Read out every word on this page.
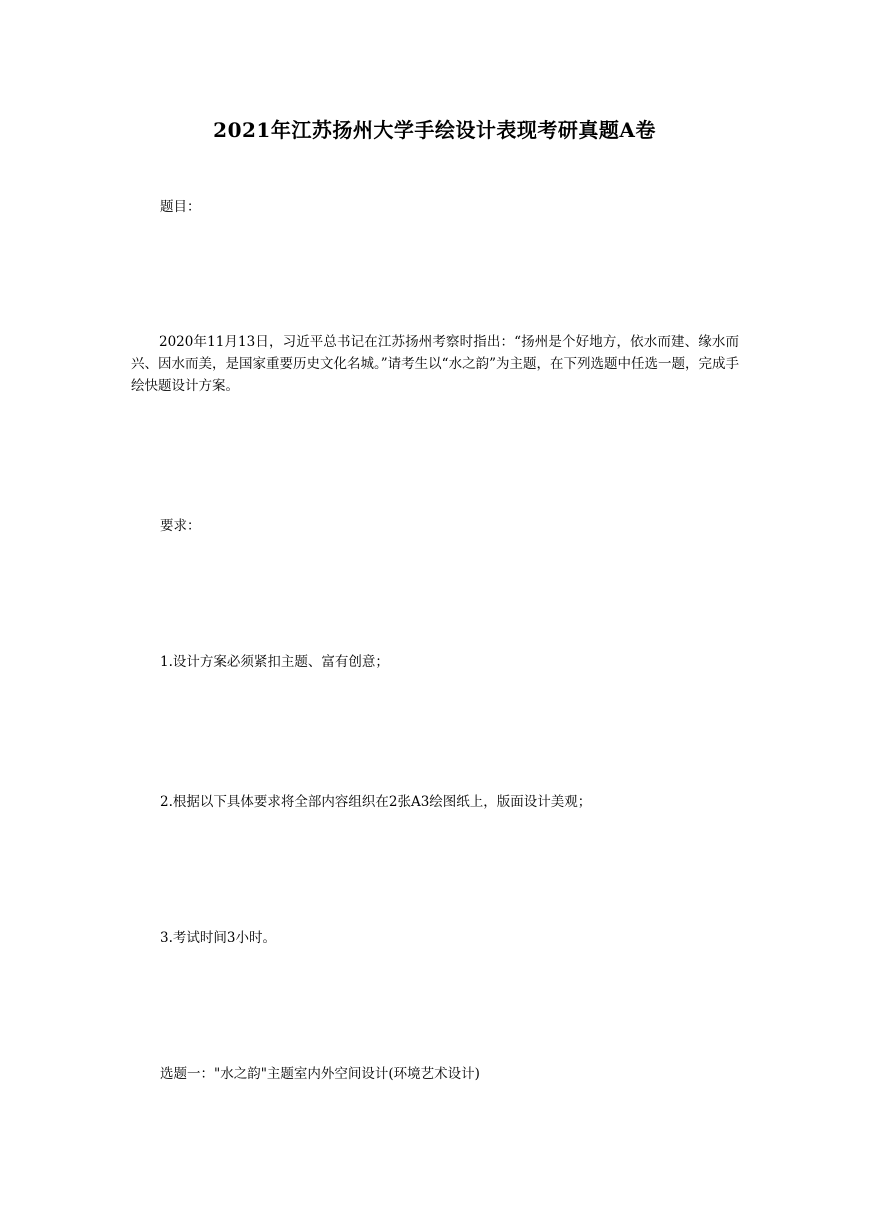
2021年江苏扬州大学手绘设计表现考研真题A卷
题目：
2020年11月13日，习近平总书记在江苏扬州考察时指出：“扬州是个好地方，依水而建、缘水而兴、因水而美，是国家重要历史文化名城。”请考生以“水之韵”为主题，在下列选题中任选一题，完成手绘快题设计方案。
要求：
1.设计方案必须紧扣主题、富有创意；
2.根据以下具体要求将全部内容组织在2张A3绘图纸上，版面设计美观；
3.考试时间3小时。
选题一："水之韵"主题室内外空间设计(环境艺术设计)
